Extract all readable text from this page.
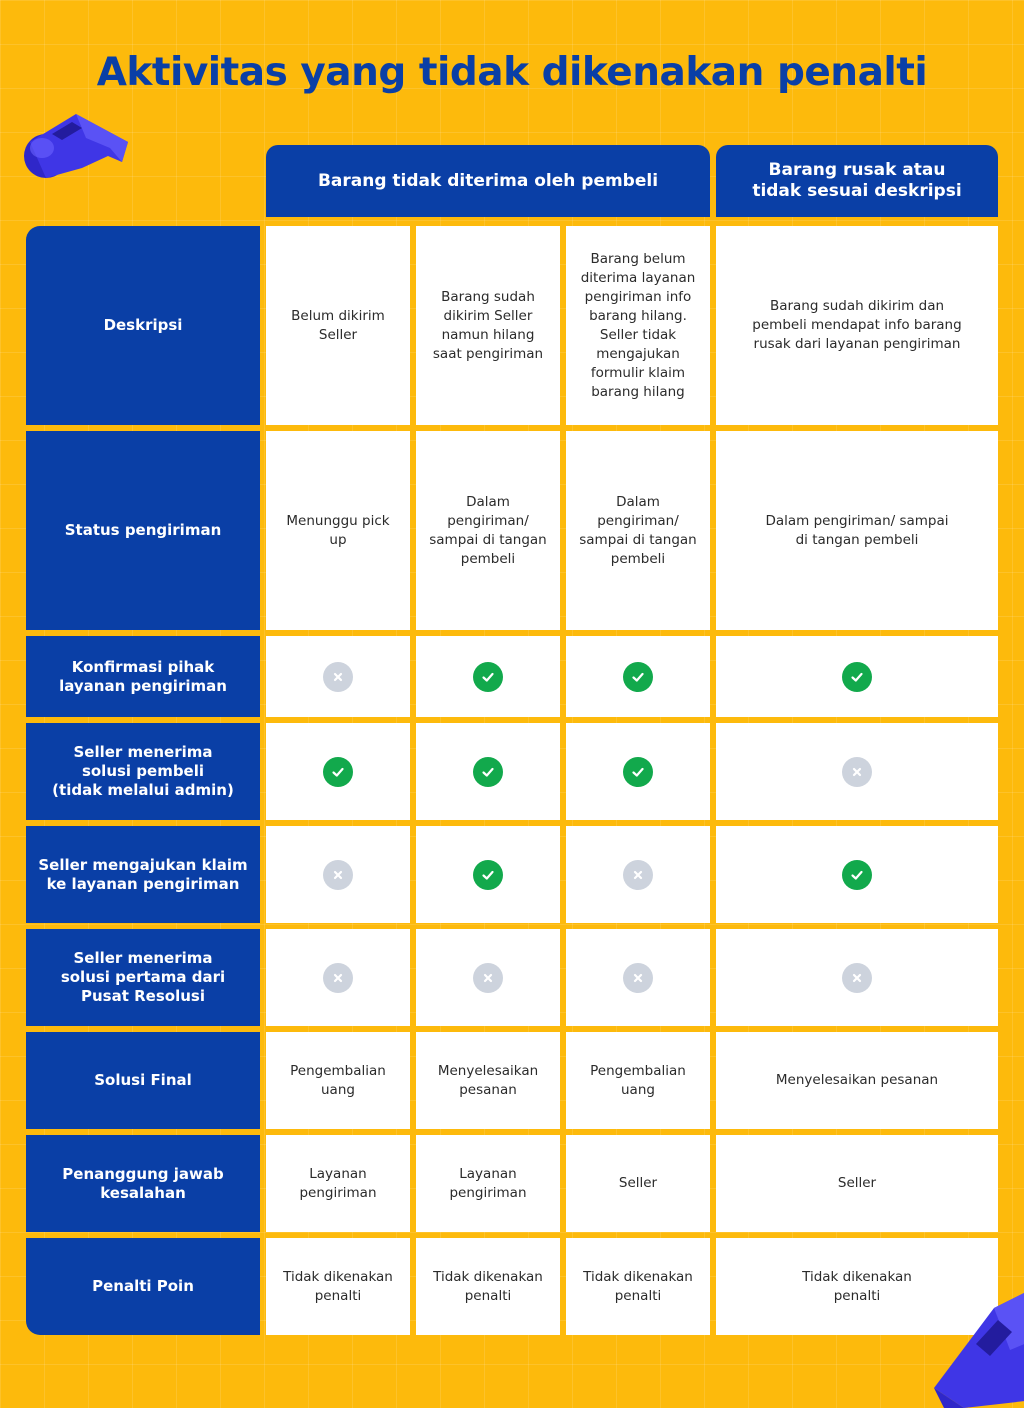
Aktivitas yang tidak dikenakan penalti
Barang tidak diterima oleh pembeli
Barang rusak atau
tidak sesuai deskripsi
Deskripsi
Belum dikirim
Seller
Barang sudah
dikirim Seller
namun hilang
saat pengiriman
Barang belum
diterima layanan
pengiriman info
barang hilang.
Seller tidak
mengajukan
formulir klaim
barang hilang
Barang sudah dikirim dan
pembeli mendapat info barang
rusak dari layanan pengiriman
Status pengiriman
Menunggu pick up
Dalam
pengiriman/
sampai di tangan
pembeli
Dalam
pengiriman/
sampai di tangan
pembeli
Dalam pengiriman/ sampai
di tangan pembeli
Konfirmasi pihak
layanan pengiriman
Seller menerima
solusi pembeli
(tidak melalui admin)
Seller mengajukan klaim
ke layanan pengiriman
Seller menerima
solusi pertama dari
Pusat Resolusi
Solusi Final
Pengembalian
uang
Menyelesaikan
pesanan
Pengembalian
uang
Menyelesaikan pesanan
Penanggung jawab
kesalahan
Layanan
pengiriman
Layanan
pengiriman
Seller	Seller
Penalti Poin
Tidak dikenakan
penalti
Tidak dikenakan
penalti
Tidak dikenakan
penalti
Tidak dikenakan
penalti
